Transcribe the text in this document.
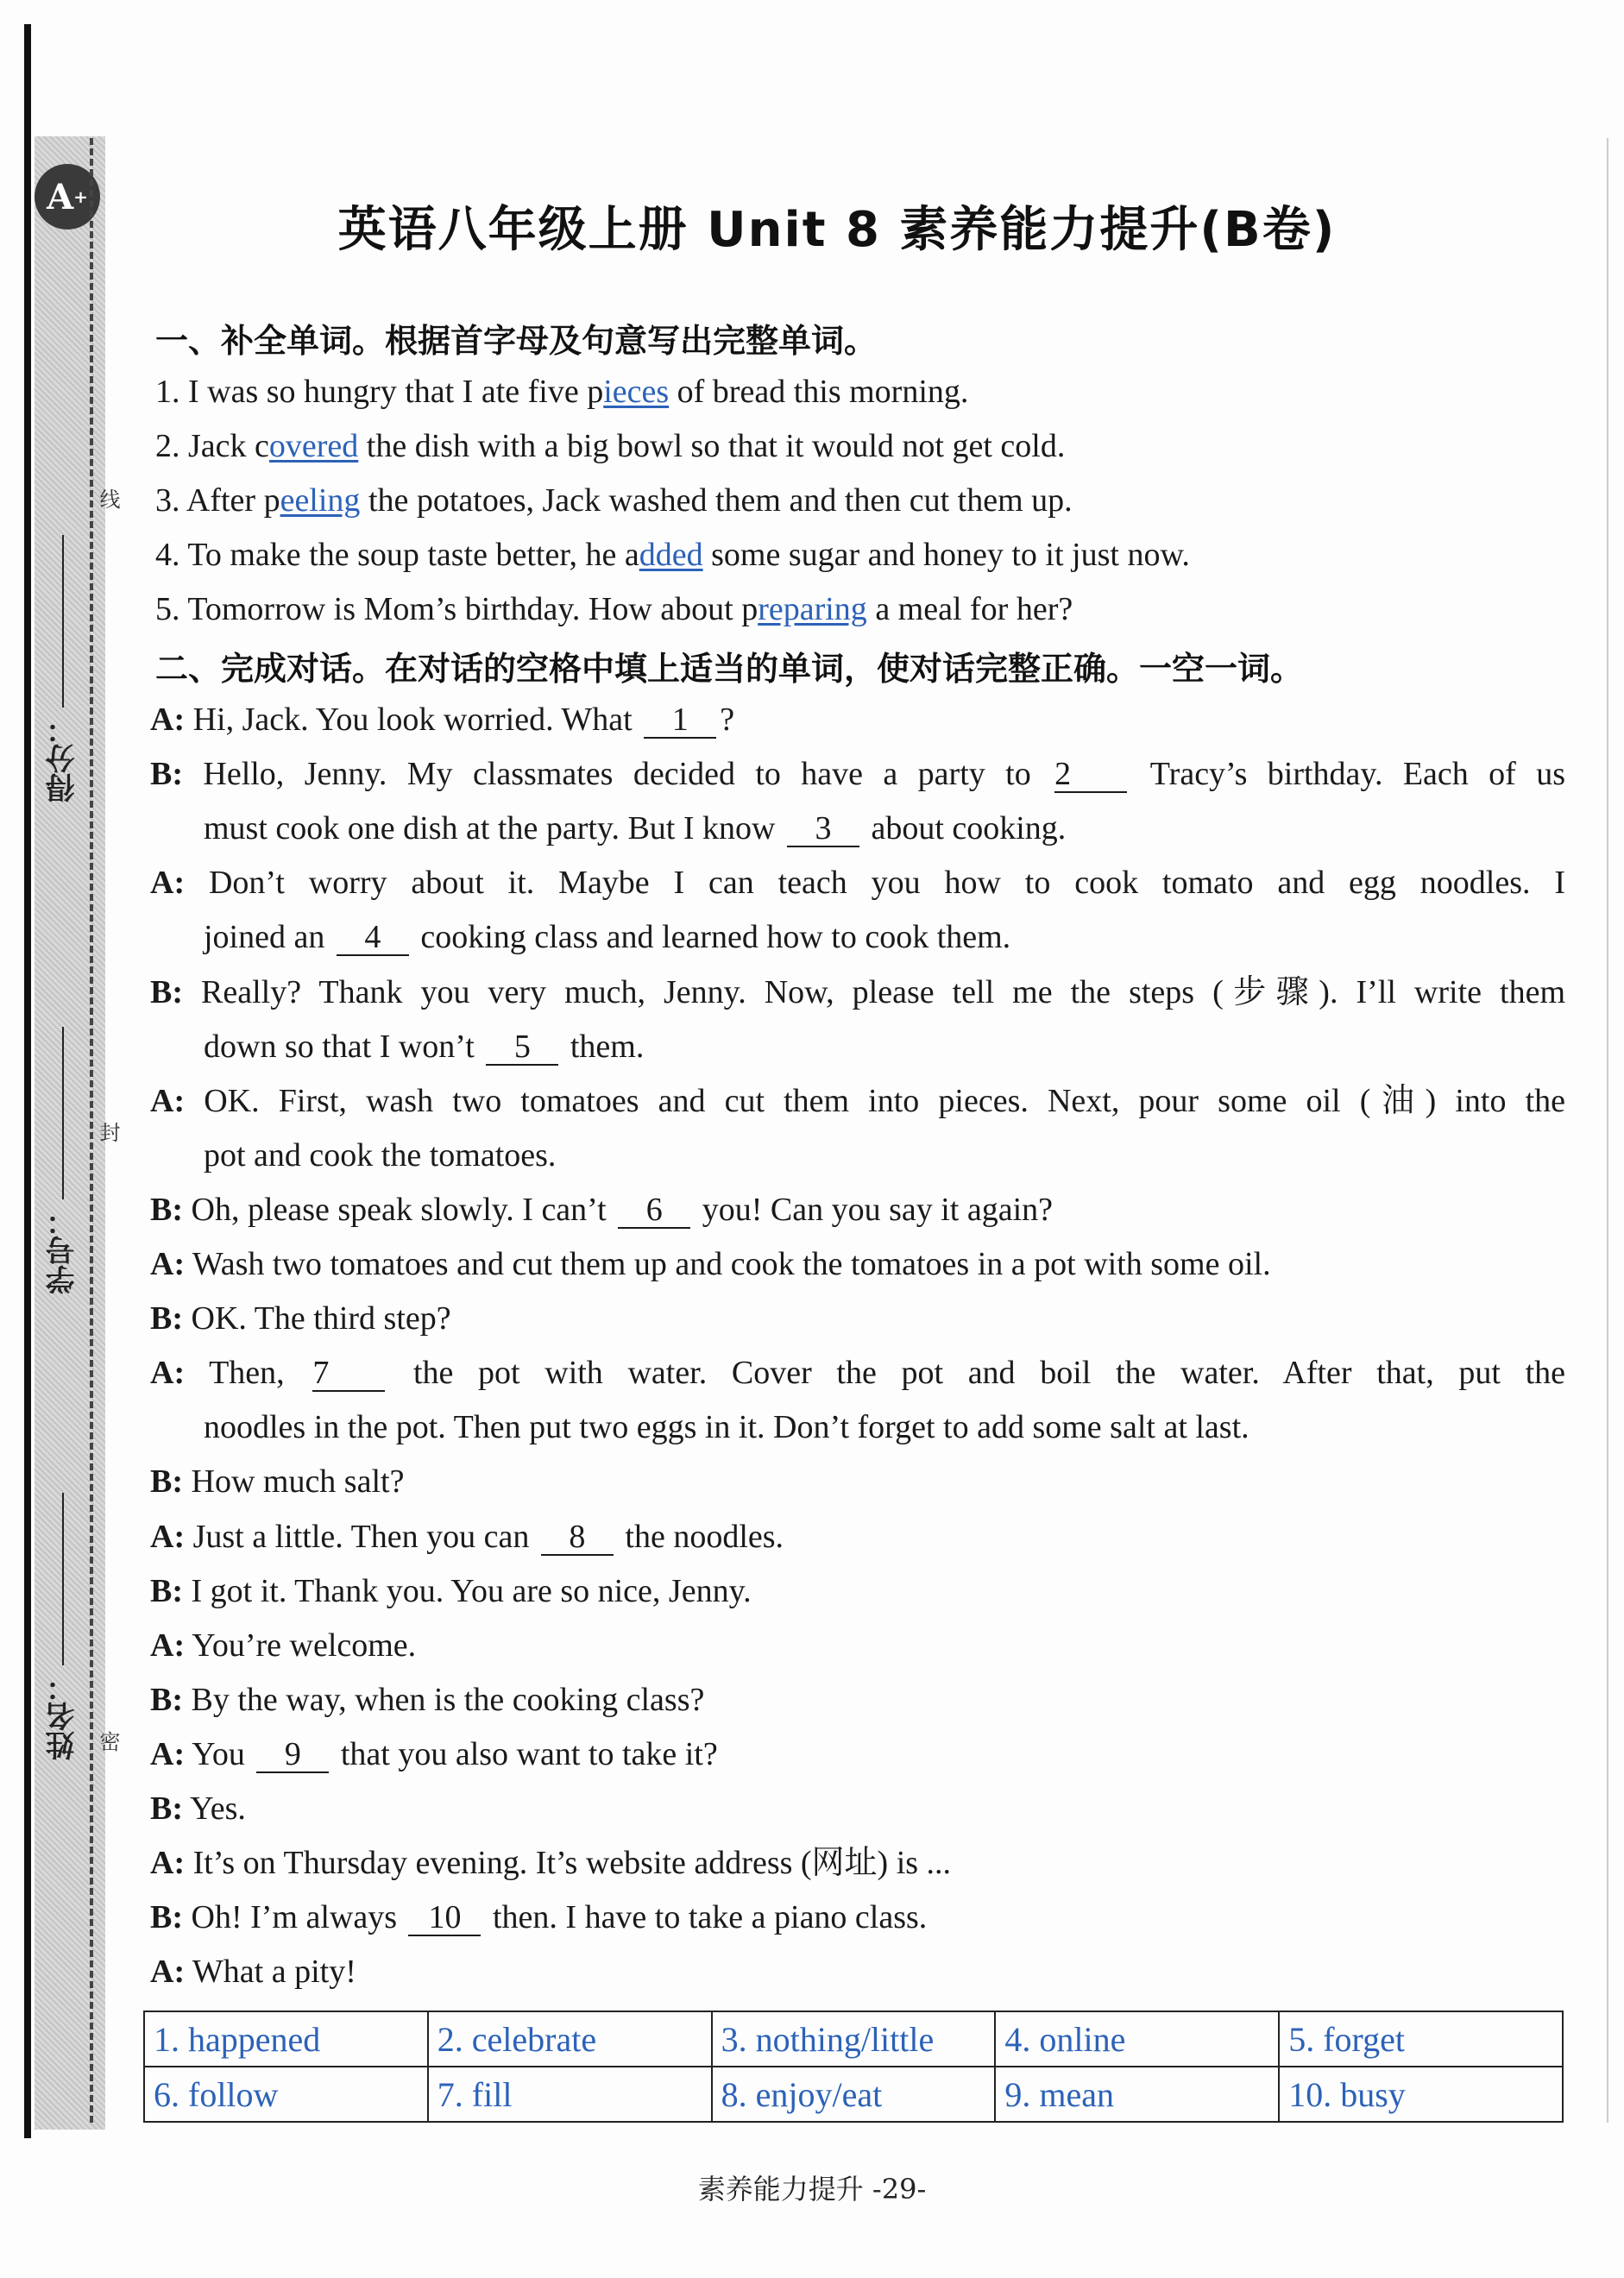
A +
线
封
密
得分：
学号：
姓名：
英语八年级上册 Unit 8 素养能力提升(B卷)
一、补全单词。根据首字母及句意写出完整单词。
1. I was so hungry that I ate five pieces of bread this morning.
2. Jack covered the dish with a big bowl so that it would not get cold.
3. After peeling the potatoes, Jack washed them and then cut them up.
4. To make the soup taste better, he added some sugar and honey to it just now.
5. Tomorrow is Mom’s birthday. How about preparing a meal for her?
二、完成对话。在对话的空格中填上适当的单词，使对话完整正确。一空一词。
A: Hi, Jack. You look worried. What 1 ?
B: Hello, Jenny. My classmates decided to have a party to 2 Tracy’s birthday. Each of us
must cook one dish at the party. But I know 3 about cooking.
A: Don’t worry about it. Maybe I can teach you how to cook tomato and egg noodles. I
joined an 4 cooking class and learned how to cook them.
B: Really? Thank you very much, Jenny. Now, please tell me the steps (步骤). I’ll write them
down so that I won’t 5 them.
A: OK. First, wash two tomatoes and cut them into pieces. Next, pour some oil (油) into the
pot and cook the tomatoes.
B: Oh, please speak slowly. I can’t 6 you! Can you say it again?
A: Wash two tomatoes and cut them up and cook the tomatoes in a pot with some oil.
B: OK. The third step?
A: Then, 7 the pot with water. Cover the pot and boil the water. After that, put the
noodles in the pot. Then put two eggs in it. Don’t forget to add some salt at last.
B: How much salt?
A: Just a little. Then you can 8 the noodles.
B: I got it. Thank you. You are so nice, Jenny.
A: You’re welcome.
B: By the way, when is the cooking class?
A: You 9 that you also want to take it?
B: Yes.
A: It’s on Thursday evening. It’s website address (网址) is ...
B: Oh! I’m always 10 then. I have to take a piano class.
A: What a pity!
1. happened	2. celebrate	3. nothing/little	4. online	5. forget
6. follow	7. fill	8. enjoy/eat	9. mean	10. busy
素养能力提升 -29-
